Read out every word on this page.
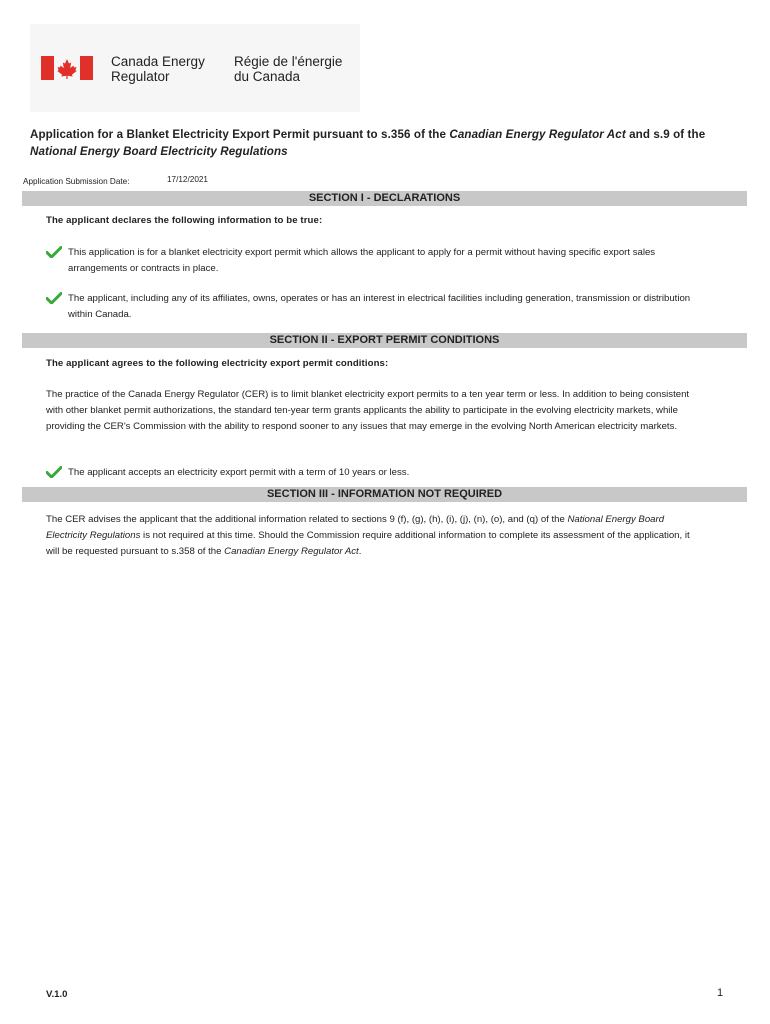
Canada Energy
Regulator
Régie de l'énergie
du Canada
Application for a Blanket Electricity Export Permit pursuant to s.356 of the Canadian Energy Regulator Act and s.9 of the National Energy Board Electricity Regulations
Application Submission Date:	17/12/2021
SECTION I - DECLARATIONS
The applicant declares the following information to be true:
This application is for a blanket electricity export permit which allows the applicant to apply for a permit without having specific export sales arrangements or contracts in place.
The applicant, including any of its affiliates, owns, operates or has an interest in electrical facilities including generation, transmission or distribution within Canada.
SECTION II - EXPORT PERMIT CONDITIONS
The applicant agrees to the following electricity export permit conditions:
The practice of the Canada Energy Regulator (CER) is to limit blanket electricity export permits to a ten year term or less. In addition to being consistent with other blanket permit authorizations, the standard ten-year term grants applicants the ability to participate in the evolving electricity markets, while providing the CER's Commission with the ability to respond sooner to any issues that may emerge in the evolving North American electricity markets.
The applicant accepts an electricity export permit with a term of 10 years or less.
SECTION III - INFORMATION NOT REQUIRED
The CER advises the applicant that the additional information related to sections 9 (f), (g), (h), (i), (j), (n), (o), and (q) of the National Energy Board Electricity Regulations is not required at this time. Should the Commission require additional information to complete its assessment of the application, it will be requested pursuant to s.358 of the Canadian Energy Regulator Act.
V.1.0	1
